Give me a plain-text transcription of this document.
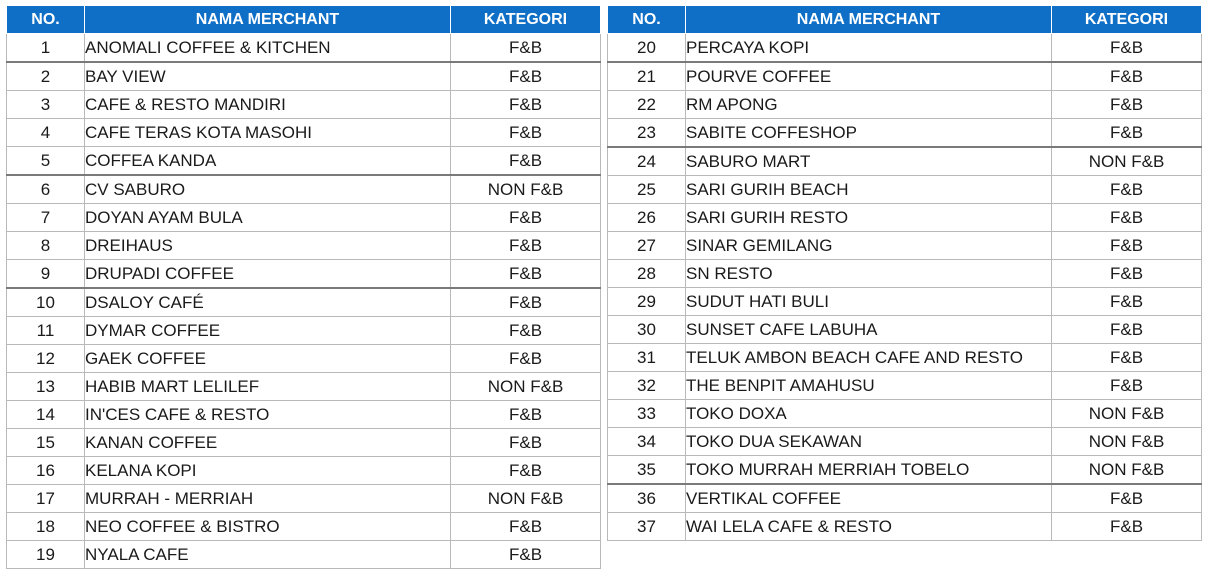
NO.	NAMA MERCHANT	KATEGORI
1	ANOMALI COFFEE & KITCHEN	F&B
2	BAY VIEW	F&B
3	CAFE & RESTO MANDIRI	F&B
4	CAFE TERAS KOTA MASOHI	F&B
5	COFFEA KANDA	F&B
6	CV SABURO	NON F&B
7	DOYAN AYAM BULA	F&B
8	DREIHAUS	F&B
9	DRUPADI COFFEE	F&B
10	DSALOY CAFÉ	F&B
11	DYMAR COFFEE	F&B
12	GAEK COFFEE	F&B
13	HABIB MART LELILEF	NON F&B
14	IN'CES CAFE & RESTO	F&B
15	KANAN COFFEE	F&B
16	KELANA KOPI	F&B
17	MURRAH - MERRIAH	NON F&B
18	NEO COFFEE & BISTRO	F&B
19	NYALA CAFE	F&B
NO.	NAMA MERCHANT	KATEGORI
20	PERCAYA KOPI	F&B
21	POURVE COFFEE	F&B
22	RM APONG	F&B
23	SABITE COFFESHOP	F&B
24	SABURO MART	NON F&B
25	SARI GURIH BEACH	F&B
26	SARI GURIH RESTO	F&B
27	SINAR GEMILANG	F&B
28	SN RESTO	F&B
29	SUDUT HATI BULI	F&B
30	SUNSET CAFE LABUHA	F&B
31	TELUK AMBON BEACH CAFE AND RESTO	F&B
32	THE BENPIT AMAHUSU	F&B
33	TOKO DOXA	NON F&B
34	TOKO DUA SEKAWAN	NON F&B
35	TOKO MURRAH MERRIAH TOBELO	NON F&B
36	VERTIKAL COFFEE	F&B
37	WAI LELA CAFE & RESTO	F&B
